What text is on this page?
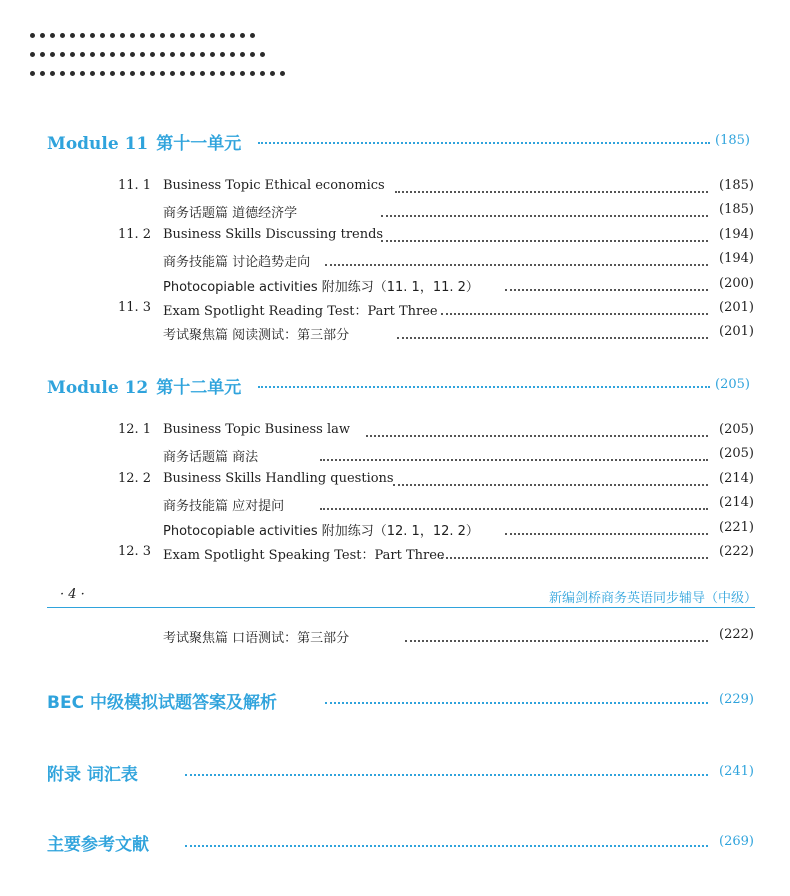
Module 11 第十一单元	(185)
11. 1 Business Topic Ethical economics	(185)
商务话题篇 道德经济学	(185)
11. 2 Business Skills Discussing trends	(194)
商务技能篇 讨论趋势走向	(194)
Photocopiable activities 附加练习（11. 1，11. 2）	(200)
11. 3 Exam Spotlight Reading Test：Part Three	(201)
考试聚焦篇 阅读测试：第三部分	(201)
Module 12 第十二单元	(205)
12. 1 Business Topic Business law	(205)
商务话题篇 商法	(205)
12. 2 Business Skills Handling questions	(214)
商务技能篇 应对提问	(214)
Photocopiable activities 附加练习（12. 1，12. 2）	(221)
12. 3 Exam Spotlight Speaking Test：Part Three	(222)
· 4 ·	新编剑桥商务英语同步辅导（中级）
考试聚焦篇 口语测试：第三部分	(222)
BEC 中级模拟试题答案及解析	(229)
附录 词汇表	(241)
主要参考文献	(269)
